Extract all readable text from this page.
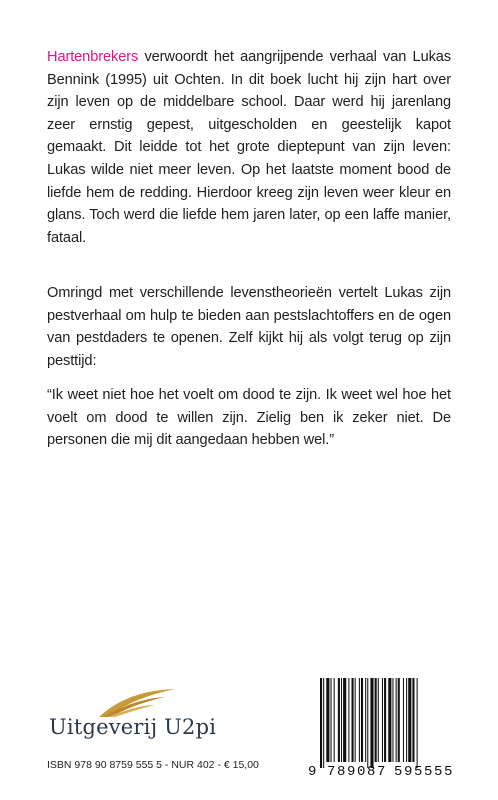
Hartenbrekers verwoordt het aangrijpende verhaal van Lukas Bennink (1995) uit Ochten. In dit boek lucht hij zijn hart over zijn leven op de middelbare school. Daar werd hij jarenlang zeer ernstig gepest, uitgescholden en geestelijk kapot gemaakt. Dit leidde tot het grote dieptepunt van zijn leven: Lukas wilde niet meer leven. Op het laatste moment bood de liefde hem de redding. Hierdoor kreeg zijn leven weer kleur en glans. Toch werd die liefde hem jaren later, op een laffe manier, fataal.
Omringd met verschillende levenstheorieën vertelt Lukas zijn pestverhaal om hulp te bieden aan pestslachtoffers en de ogen van pestdaders te openen. Zelf kijkt hij als volgt terug op zijn pesttijd:
“Ik weet niet hoe het voelt om dood te zijn. Ik weet wel hoe het voelt om dood te willen zijn. Zielig ben ik zeker niet. De personen die mij dit aangedaan hebben wel.”
Uitgeverij U2pi
ISBN 978 90 8759 555 5 - NUR 402 - € 15,00	9 789087 595555
